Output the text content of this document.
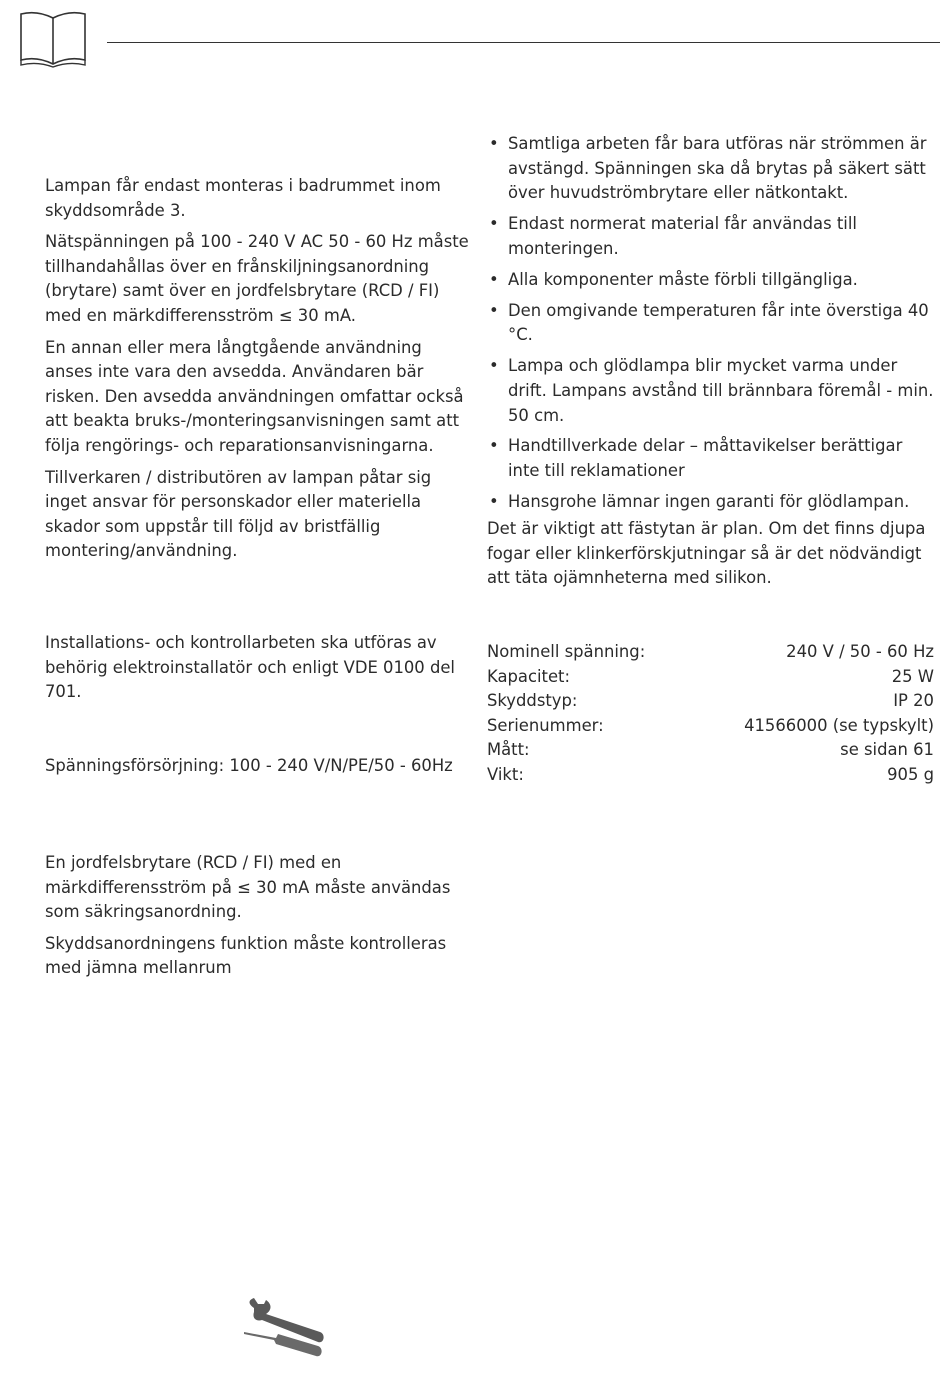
Lampan får endast monteras i badrummet inom skyddsområde 3.

Nätspänningen på 100 - 240 V AC 50 - 60 Hz måste tillhandahållas över en frånskiljningsanordning (brytare) samt över en jordfelsbrytare (RCD / FI) med en märkdifferensström ≤ 30 mA.

En annan eller mera långtgående användning anses inte vara den avsedda. Användaren bär risken. Den avsedda användningen omfattar också att beakta bruks-/monteringsanvisningen samt att följa rengörings- och reparationsanvisningarna.

Tillverkaren / distributören av lampan påtar sig inget ansvar för personskador eller materiella skador som uppstår till följd av bristfällig montering/användning.

Installations- och kontrollarbeten ska utföras av behörig elektroinstallatör och enligt VDE 0100 del 701.

Spänningsförsörjning: 100 - 240 V/N/PE/50 - 60Hz

En jordfelsbrytare (RCD / FI) med en märkdifferensström på ≤ 30 mA måste användas som säkringsanordning.

Skyddsanordningens funktion måste kontrolleras med jämna mellanrum

• Samtliga arbeten får bara utföras när strömmen är avstängd. Spänningen ska då brytas på säkert sätt över huvudströmbrytare eller nätkontakt.
• Endast normerat material får användas till monteringen.
• Alla komponenter måste förbli tillgängliga.
• Den omgivande temperaturen får inte överstiga 40 °C.
• Lampa och glödlampa blir mycket varma under drift. Lampans avstånd till brännbara föremål - min. 50 cm.
• Handtillverkade delar – måttavikelser berättigar inte till reklamationer
• Hansgrohe lämnar ingen garanti för glödlampan.

Det är viktigt att fästytan är plan. Om det finns djupa fogar eller klinkerförskjutningar så är det nödvändigt att täta ojämnheterna med silikon.

Nominell spänning:	240 V / 50 - 60 Hz
Kapacitet:	25 W
Skyddstyp:	IP 20
Serienummer:	41566000 (se typskylt)
Mått:	se sidan 61
Vikt:	905 g
